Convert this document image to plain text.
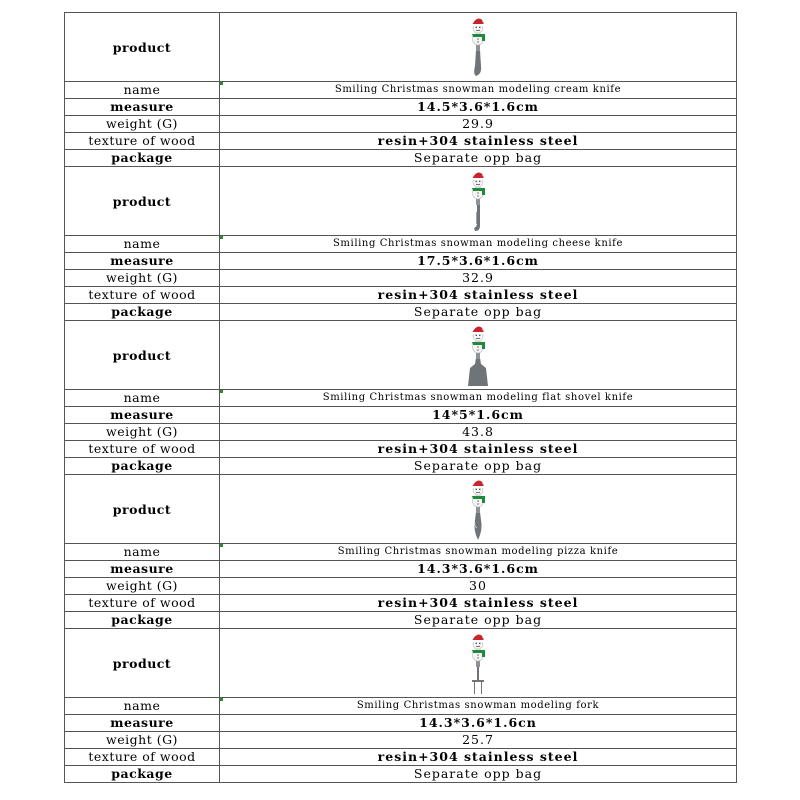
product	

name	Smiling Christmas snowman modeling cream knife
measure	14.5*3.6*1.6cm
weight (G)	29.9
texture of wood	resin+304 stainless steel
package	Separate opp bag
product	

name	Smiling Christmas snowman modeling cheese knife
measure	17.5*3.6*1.6cm
weight (G)	32.9
texture of wood	resin+304 stainless steel
package	Separate opp bag
product	

name	Smiling Christmas snowman modeling flat shovel knife
measure	14*5*1.6cm
weight (G)	43.8
texture of wood	resin+304 stainless steel
package	Separate opp bag
product	

name	Smiling Christmas snowman modeling pizza knife
measure	14.3*3.6*1.6cm
weight (G)	30
texture of wood	resin+304 stainless steel
package	Separate opp bag
product	

name	Smiling Christmas snowman modeling fork
measure	14.3*3.6*1.6cn
weight (G)	25.7
texture of wood	resin+304 stainless steel
package	Separate opp bag
